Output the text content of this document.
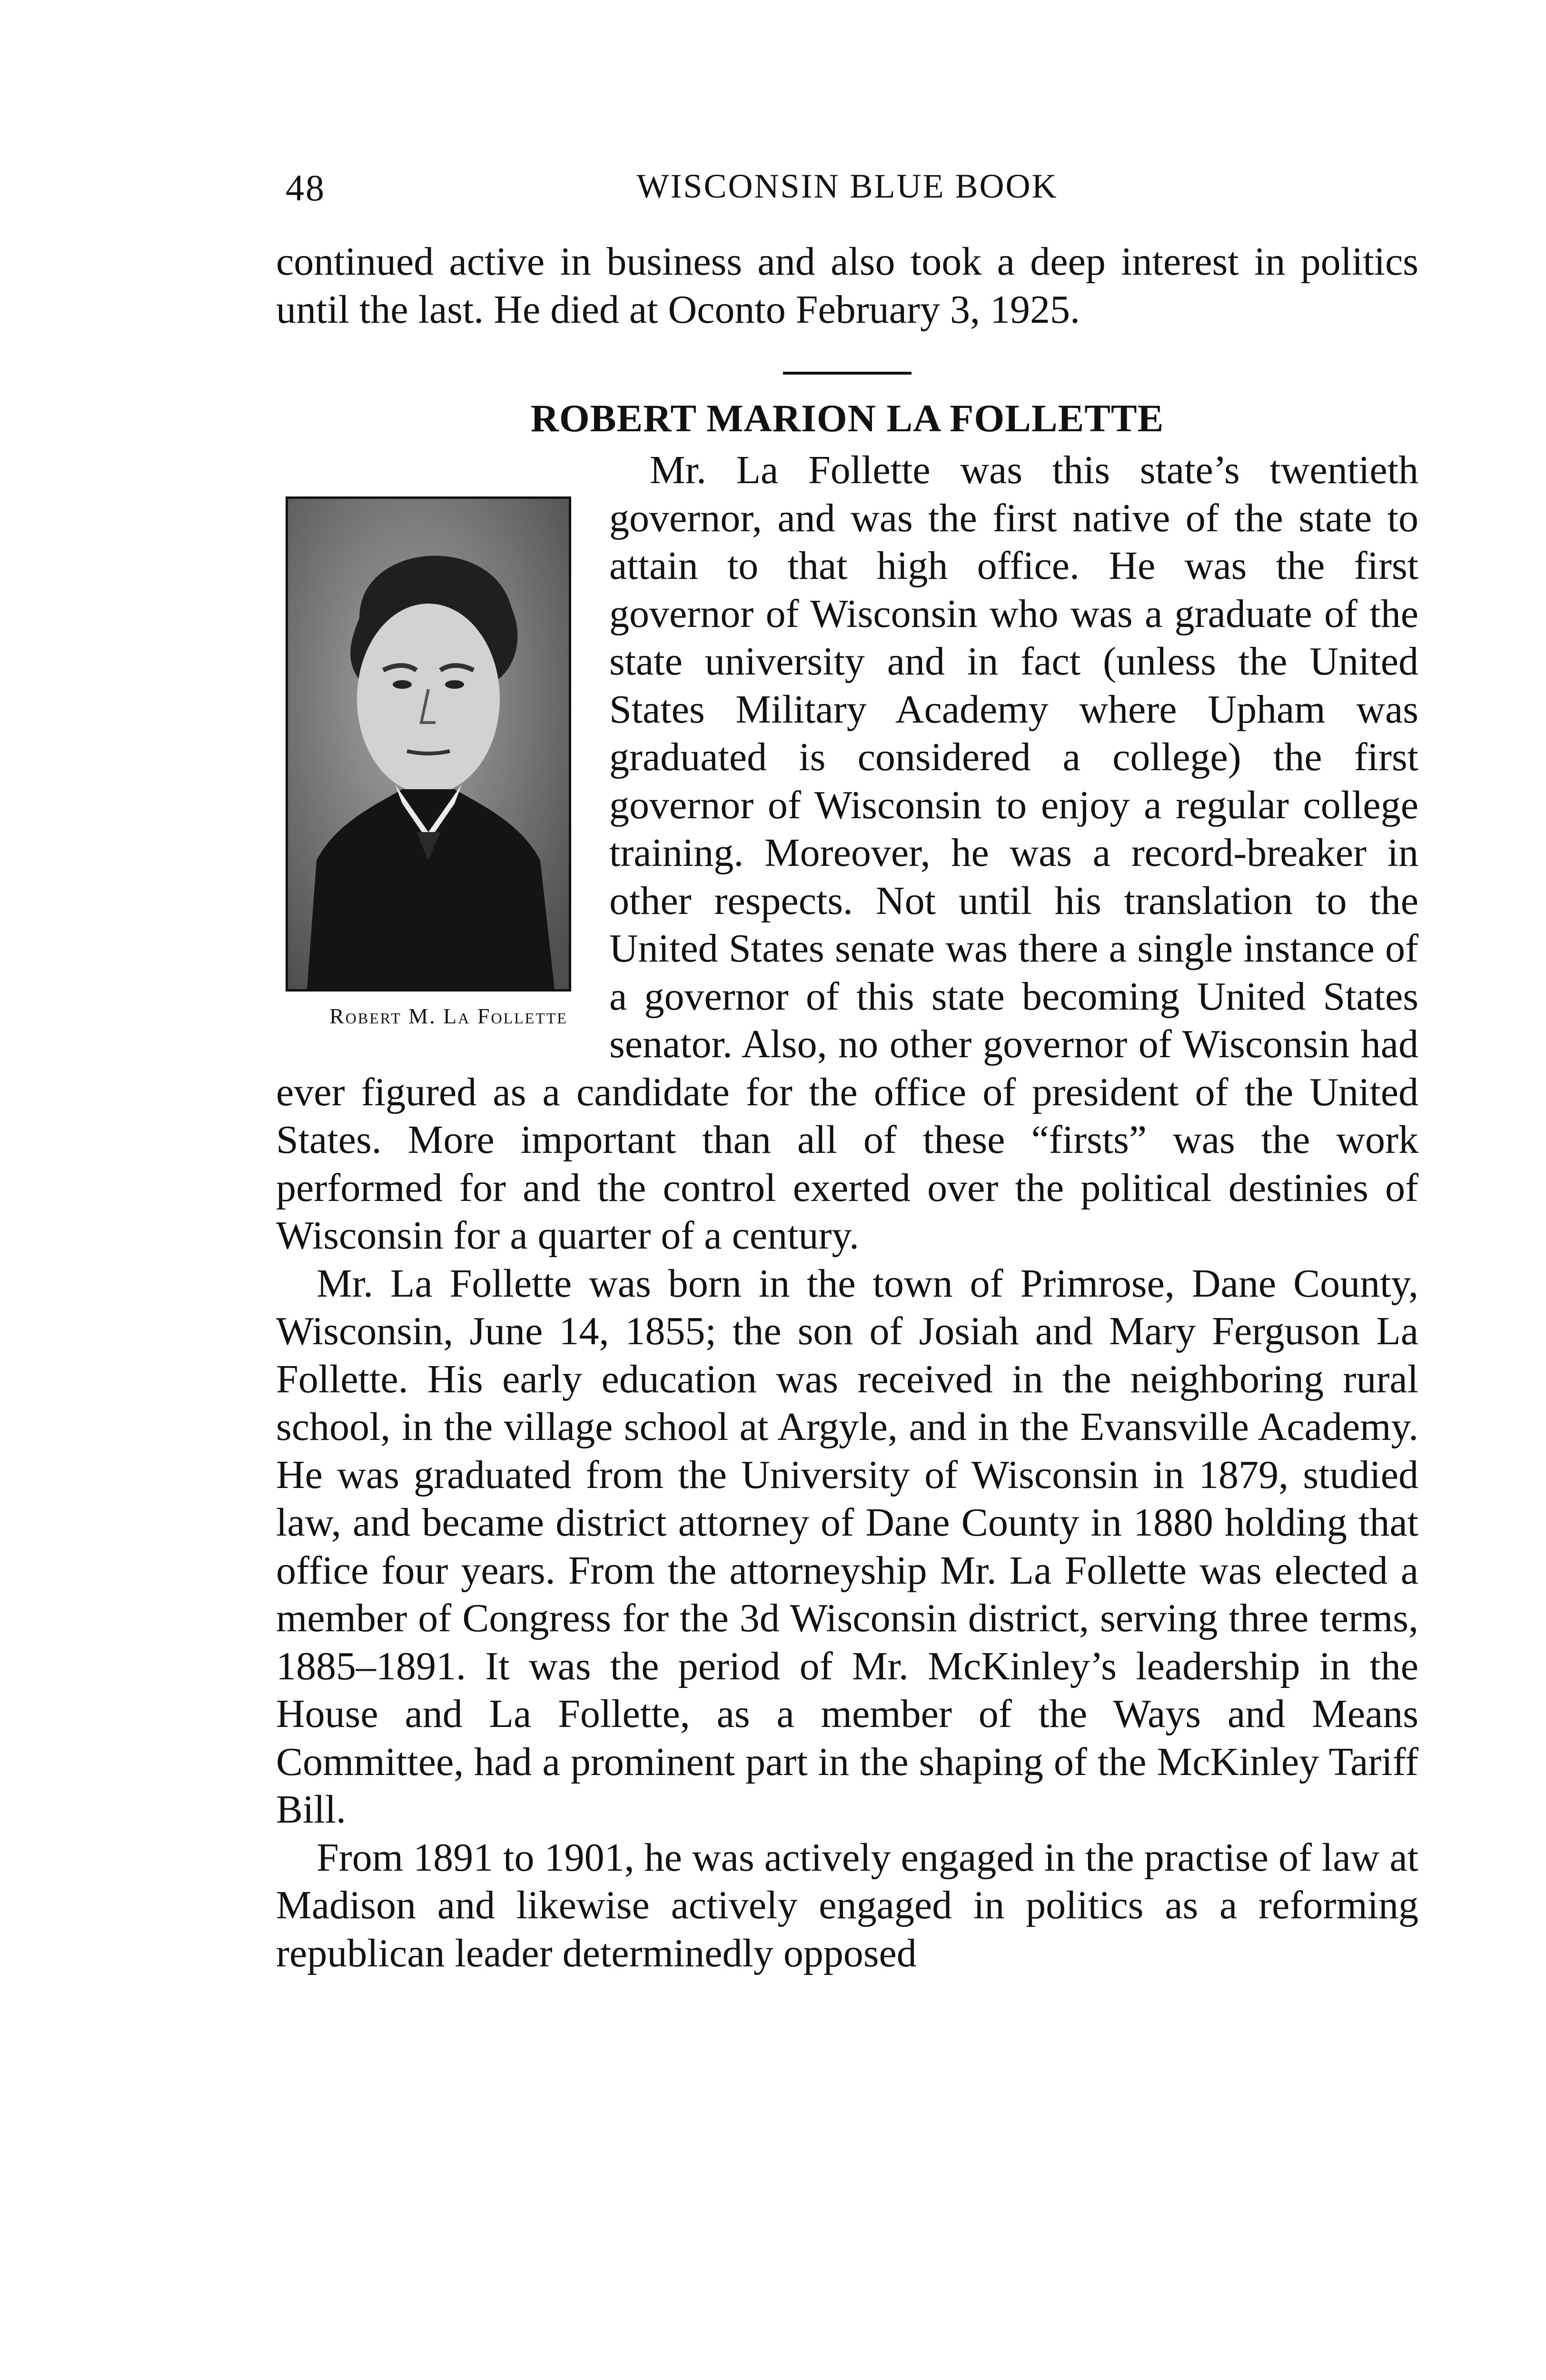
48	WISCONSIN BLUE BOOK

continued active in business and also took a deep interest in politics until the last. He died at Oconto February 3, 1925.

ROBERT MARION LA FOLLETTE

Robert M. La Follette
Mr. La Follette was this state’s twentieth governor, and was the first native of the state to attain to that high office. He was the first governor of Wisconsin who was a graduate of the state university and in fact (unless the United States Military Academy where Upham was graduated is considered a college) the first governor of Wisconsin to enjoy a regular college training. Moreover, he was a record-breaker in other respects. Not until his translation to the United States senate was there a single instance of a governor of this state becoming United States senator. Also, no other governor of Wisconsin had ever figured as a candidate for the office of president of the United States. More important than all of these “firsts” was the work performed for and the control exerted over the political destinies of Wisconsin for a quarter of a century.

Mr. La Follette was born in the town of Primrose, Dane County, Wisconsin, June 14, 1855; the son of Josiah and Mary Ferguson La Follette. His early education was received in the neighboring rural school, in the village school at Argyle, and in the Evansville Academy. He was graduated from the University of Wisconsin in 1879, studied law, and became district attorney of Dane County in 1880 holding that office four years. From the attorneyship Mr. La Follette was elected a member of Congress for the 3d Wisconsin district, serving three terms, 1885–1891. It was the period of Mr. McKinley’s leadership in the House and La Follette, as a member of the Ways and Means Committee, had a prominent part in the shaping of the McKinley Tariff Bill.

From 1891 to 1901, he was actively engaged in the practise of law at Madison and likewise actively engaged in politics as a reforming republican leader determinedly opposed
